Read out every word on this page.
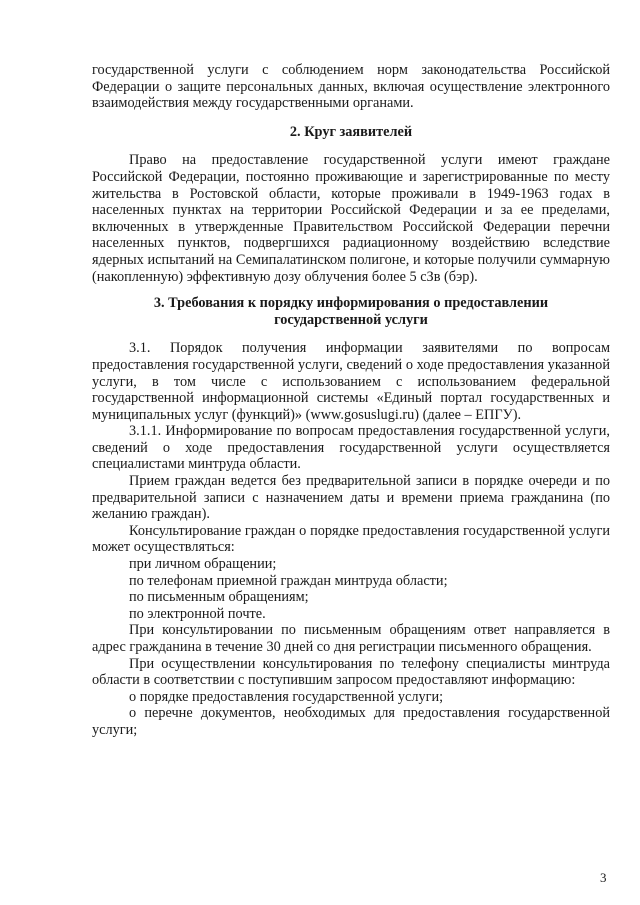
государственной услуги с соблюдением норм законодательства Российской Федерации о защите персональных данных, включая осуществление электронного взаимодействия между государственными органами.

2. Круг заявителей

Право на предоставление государственной услуги имеют граждане Российской Федерации, постоянно проживающие и зарегистрированные по месту жительства в Ростовской области, которые проживали в 1949-1963 годах в населенных пунктах на территории Российской Федерации и за ее пределами, включенных в утвержденные Правительством Российской Федерации перечни населенных пунктов, подвергшихся радиационному воздействию вследствие ядерных испытаний на Семипалатинском полигоне, и которые получили суммарную (накопленную) эффективную дозу облучения более 5 сЗв (бэр).

3. Требования к порядку информирования о предоставлении
государственной услуги

3.1. Порядок получения информации заявителями по вопросам предоставления государственной услуги, сведений о ходе предоставления указанной услуги, в том числе с использованием с использованием федеральной государственной информационной системы «Единый портал государственных и муниципальных услуг (функций)» (www.gosuslugi.ru) (далее – ЕПГУ).

3.1.1. Информирование по вопросам предоставления государственной услуги, сведений о ходе предоставления государственной услуги осуществляется специалистами минтруда области.

Прием граждан ведется без предварительной записи в порядке очереди и по предварительной записи с назначением даты и времени приема гражданина (по желанию граждан).

Консультирование граждан о порядке предоставления государственной услуги может осуществляться:

при личном обращении;

по телефонам приемной граждан минтруда области;

по письменным обращениям;

по электронной почте.

При консультировании по письменным обращениям ответ направляется в адрес гражданина в течение 30 дней со дня регистрации письменного обращения.

При осуществлении консультирования по телефону специалисты минтруда области в соответствии с поступившим запросом предоставляют информацию:

о порядке предоставления государственной услуги;

о перечне документов, необходимых для предоставления государственной услуги;

3
